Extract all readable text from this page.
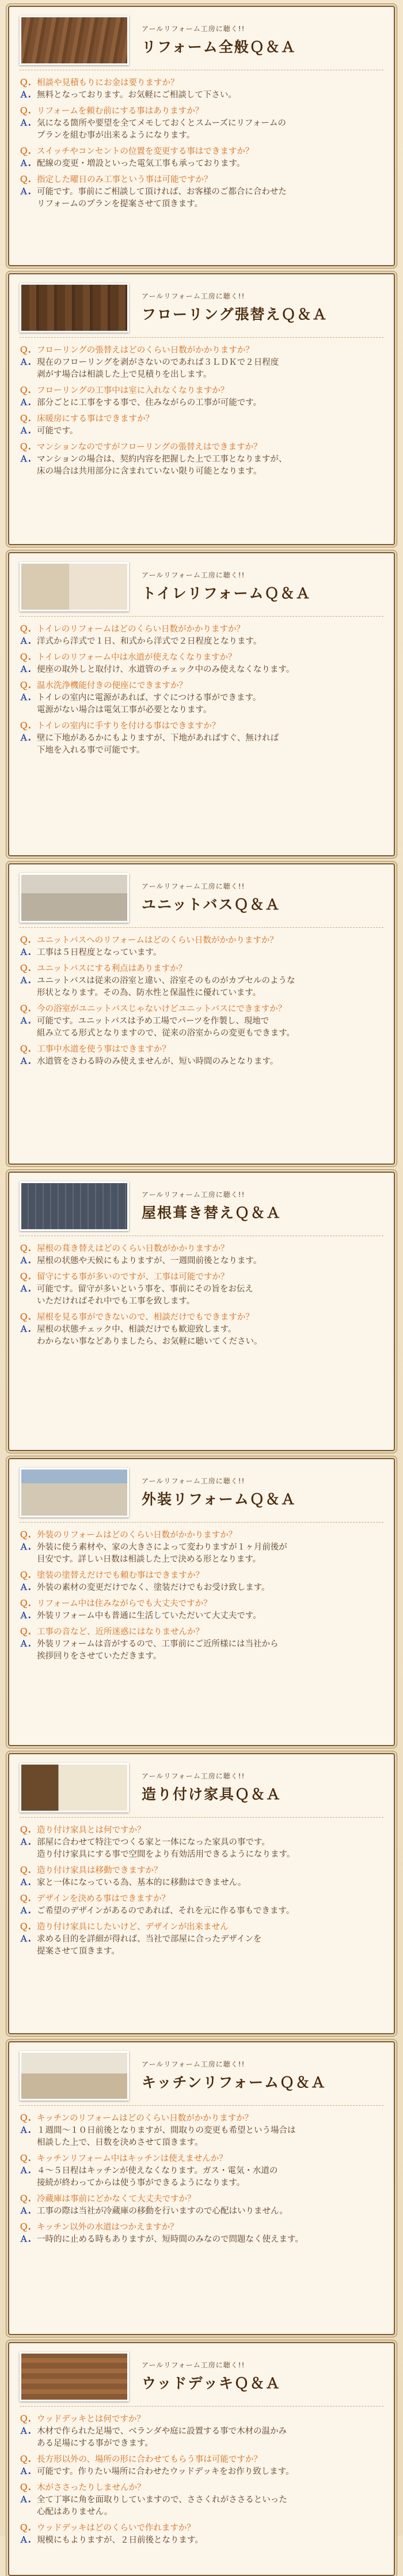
アールリフォーム工房に聴く!!
リフォーム全般Ｑ＆Ａ
Ｑ. 相談や見積もりにお金は要りますか？
Ａ. 無料となっております。お気軽にご相談して下さい。
Ｑ. リフォームを頼む前にする事はありますか？
Ａ. 気になる箇所や要望を全てメモしておくとスムーズにリフォームの
プランを組む事が出来るようになります。
Ｑ. スイッチやコンセントの位置を変更する事はできますか？
Ａ. 配線の変更・増設といった電気工事も承っております。
Ｑ. 指定した曜日のみ工事という事は可能ですか？
Ａ. 可能です。事前にご相談して頂ければ、お客様のご都合に合わせた
リフォームのプランを提案させて頂きます。
アールリフォーム工房に聴く!!
フローリング張替えＱ＆Ａ
Ｑ. フローリングの張替えはどのくらい日数がかかりますか？
Ａ. 現在のフローリングを剥がさないのであれば３ＬＤＫで２日程度
剥がす場合は相談した上で見積りを出します。
Ｑ. フローリングの工事中は室に入れなくなりますか？
Ａ. 部分ごとに工事をする事で、住みながらの工事が可能です。
Ｑ. 床暖房にする事はできますか？
Ａ. 可能です。
Ｑ. マンションなのですがフローリングの張替えはできますか？
Ａ. マンションの場合は、契約内容を把握した上で工事となりますが、
床の場合は共用部分に含まれていない限り可能となります。
アールリフォーム工房に聴く!!
トイレリフォームＱ＆Ａ
Ｑ. トイレのリフォームはどのくらい日数がかかりますか？
Ａ. 洋式から洋式で１日、和式から洋式で２日程度となります。
Ｑ. トイレのリフォーム中は水道が使えなくなりますか？
Ａ. 便座の取外しと取付け、水道管のチェック中のみ使えなくなります。
Ｑ. 温水洗浄機能付きの便座にできますか？
Ａ. トイレの室内に電源があれば、すぐにつける事ができます。
電源がない場合は電気工事が必要となります。
Ｑ. トイレの室内に手すりを付ける事はできますか？
Ａ. 壁に下地があるかにもよりますが、下地があればすぐ、無ければ
下地を入れる事で可能です。
アールリフォーム工房に聴く!!
ユニットバスＱ＆Ａ
Ｑ. ユニットバスへのリフォームはどのくらい日数がかかりますか？
Ａ. 工事は５日程度となっています。
Ｑ. ユニットバスにする利点はありますか？
Ａ. ユニットバスは従来の浴室と違い、浴室そのものがカプセルのような
形状となります。その為、防水性と保温性に優れています。
Ｑ. 今の浴室がユニットバスじゃないけどユニットバスにできますか？
Ａ. 可能です。ユニットバスは予め工場でパーツを作製し、現地で
組み立てる形式となりますので、従来の浴室からの変更もできます。
Ｑ. 工事中水道を使う事はできますか？
Ａ. 水道管をさわる時のみ使えませんが、短い時間のみとなります。
アールリフォーム工房に聴く!!
屋根葺き替えＱ＆Ａ
Ｑ. 屋根の葺き替えはどのくらい日数がかかりますか？
Ａ. 屋根の状態や天候にもよりますが、一週間前後となります。
Ｑ. 留守にする事が多いのですが、工事は可能ですか？
Ａ. 可能です。留守が多いという事を、事前にその旨をお伝え
いただければそれ中でも工事を致します。
Ｑ. 屋根を見る事ができないので、相談だけでもできますか？
Ａ. 屋根の状態チェック中、相談だけでも歓迎致します。
わからない事などありましたら、お気軽に聴いてください。
アールリフォーム工房に聴く!!
外装リフォームＱ＆Ａ
Ｑ. 外装のリフォームはどのくらい日数がかかりますか？
Ａ. 外装に使う素材や、家の大きさによって変わりますが１ヶ月前後が
目安です。詳しい日数は相談した上で決める形となります。
Ｑ. 塗装の塗替えだけでも頼む事はできますか？
Ａ. 外装の素材の変更だけでなく、塗装だけでもお受け致します。
Ｑ. リフォーム中は住みながらでも大丈夫ですか？
Ａ. 外装リフォーム中も普通に生活していただいて大丈夫です。
Ｑ. 工事の音など、近所迷惑にはなりませんか？
Ａ. 外装リフォームは音がするので、工事前にご近所様には当社から
挨拶回りをさせていただきます。
アールリフォーム工房に聴く!!
造り付け家具Ｑ＆Ａ
Ｑ. 造り付け家具とは何ですか？
Ａ. 部屋に合わせて特注でつくる家と一体になった家具の事です。
造り付け家具にする事で空間をより有効活用できるようになります。
Ｑ. 造り付け家具は移動できますか？
Ａ. 家と一体になっている為、基本的に移動はできません。
Ｑ. デザインを決める事はできますか？
Ａ. ご希望のデザインがあるのであれば、それを元に作る事もできます。
Ｑ. 造り付け家具にしたいけど、デザインが出来ません
Ａ. 求める目的を詳細が得れば、当社で部屋に合ったデザインを
提案させて頂きます。
アールリフォーム工房に聴く!!
キッチンリフォームＱ＆Ａ
Ｑ. キッチンのリフォームはどのくらい日数がかかりますか？
Ａ. １週間〜１０日前後となりますが、間取りの変更も希望という場合は
相談した上で、日数を決めさせて頂きます。
Ｑ. キッチンリフォーム中はキッチンは使えませんか？
Ａ. ４〜５日程はキッチンが使えなくなります。ガス・電気・水道の
接続が終わってからは使う事ができるようになります。
Ｑ. 冷蔵庫は事前にどかなくて大丈夫ですか？
Ａ. 工事の際は当社が冷蔵庫の移動を行いますので心配はいりません。
Ｑ. キッチン以外の水道はつかえますか？
Ａ. 一時的に止める時もありますが、短時間のみなので問題なく使えます。
アールリフォーム工房に聴く!!
ウッドデッキＱ＆Ａ
Ｑ. ウッドデッキとは何ですか？
Ａ. 木材で作られた足場で、ベランダや庭に設置する事で木材の温かみ
ある足場にする事ができます。
Ｑ. 長方形以外の、場所の形に合わせてもらう事は可能ですか？
Ａ. 可能です。作りたい場所に合わせたウッドデッキをお作り致します。
Ｑ. 木がささったりしませんか？
Ａ. 全て丁寧に角を面取りしていますので、ささくれがささるといった
心配はありません。
Ｑ. ウッドデッキはどのくらいで作れますか？
Ａ. 規模にもよりますが、２日前後となります。
